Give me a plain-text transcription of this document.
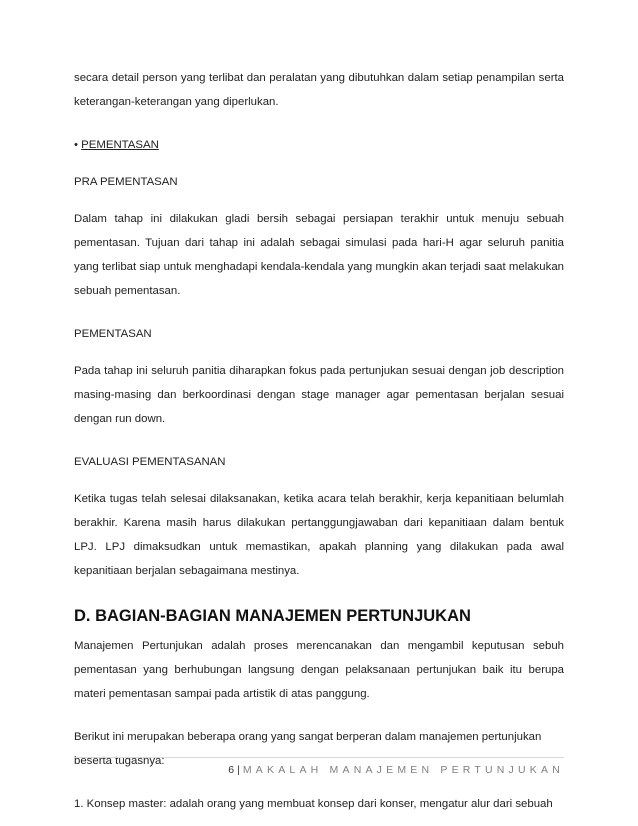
secara detail person yang terlibat dan peralatan yang dibutuhkan dalam setiap penampilan serta keterangan-keterangan yang diperlukan.

• PEMENTASAN
PRA PEMENTASAN

Dalam tahap ini dilakukan gladi bersih sebagai persiapan terakhir untuk menuju sebuah pementasan. Tujuan dari tahap ini adalah sebagai simulasi pada hari-H agar seluruh panitia yang terlibat siap untuk menghadapi kendala-kendala yang mungkin akan terjadi saat melakukan sebuah pementasan.

PEMENTASAN

Pada tahap ini seluruh panitia diharapkan fokus pada pertunjukan sesuai dengan job description masing-masing dan berkoordinasi dengan stage manager agar pementasan berjalan sesuai dengan run down.

EVALUASI PEMENTASANAN

Ketika tugas telah selesai dilaksanakan, ketika acara telah berakhir, kerja kepanitiaan belumlah berakhir. Karena masih harus dilakukan pertanggungjawaban dari kepanitiaan dalam bentuk LPJ. LPJ dimaksudkan untuk memastikan, apakah planning yang dilakukan pada awal kepanitiaan berjalan sebagaimana mestinya.

D. BAGIAN-BAGIAN MANAJEMEN PERTUNJUKAN

Manajemen Pertunjukan adalah proses merencanakan dan mengambil keputusan sebuh pementasan yang berhubungan langsung dengan pelaksanaan pertunjukan baik itu berupa materi pementasan sampai pada artistik di atas panggung.

Berikut ini merupakan beberapa orang yang sangat berperan dalam manajemen pertunjukan beserta tugasnya:

1. Konsep master: adalah orang yang membuat konsep dari konser, mengatur alur dari sebuah

6 | MAKALAH MANAJEMEN PERTUNJUKAN
